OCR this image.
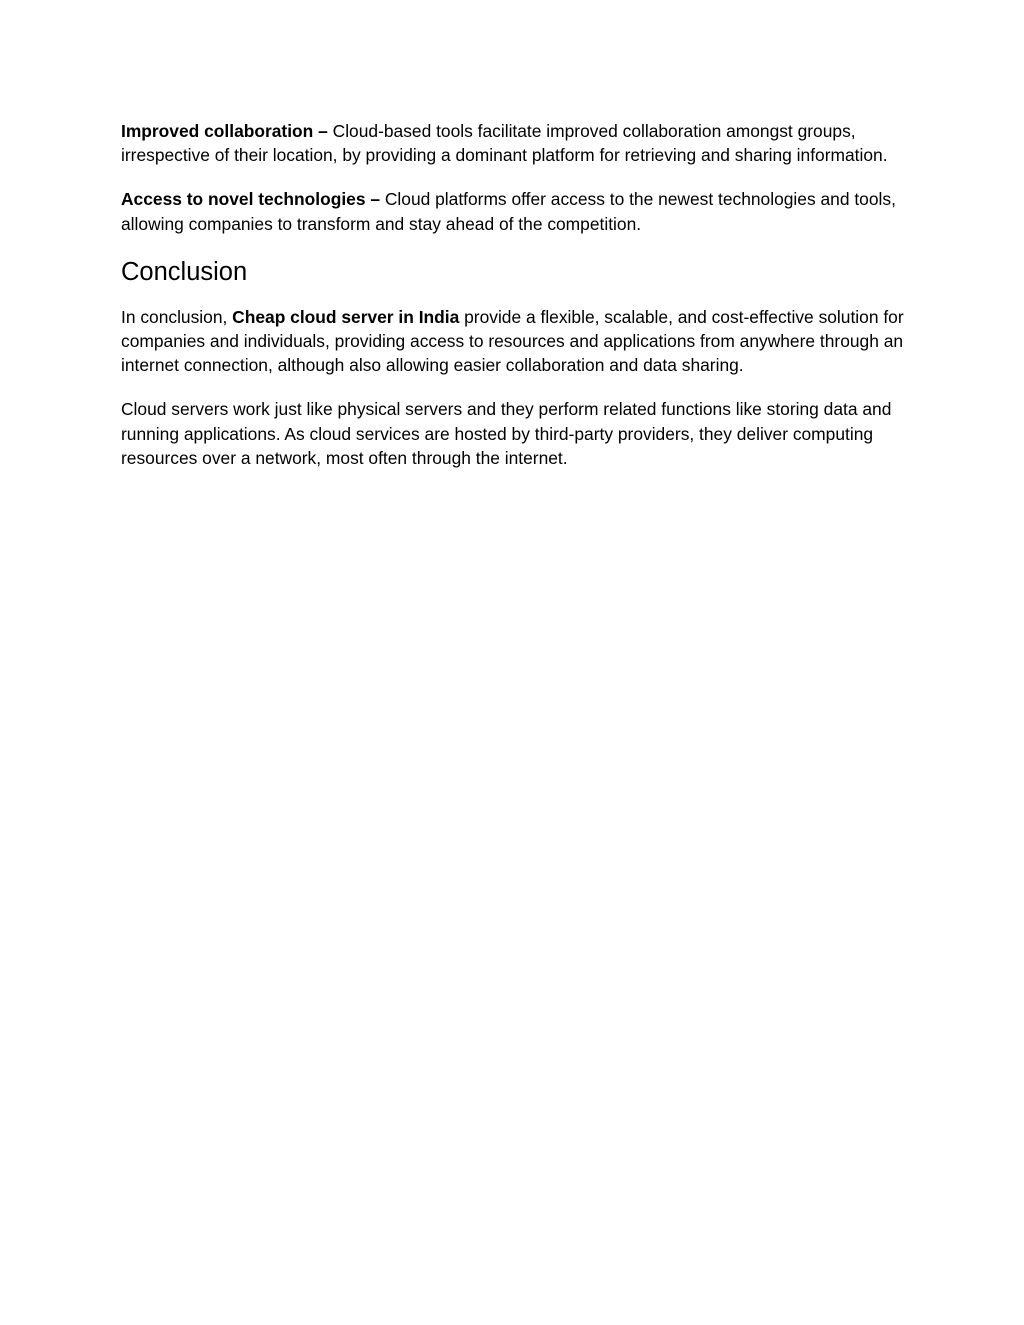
Improved collaboration – Cloud-based tools facilitate improved collaboration amongst groups, irrespective of their location, by providing a dominant platform for retrieving and sharing information.

Access to novel technologies – Cloud platforms offer access to the newest technologies and tools, allowing companies to transform and stay ahead of the competition.

Conclusion

In conclusion, Cheap cloud server in India provide a flexible, scalable, and cost-effective solution for companies and individuals, providing access to resources and applications from anywhere through an internet connection, although also allowing easier collaboration and data sharing.

Cloud servers work just like physical servers and they perform related functions like storing data and running applications. As cloud services are hosted by third-party providers, they deliver computing resources over a network, most often through the internet.
